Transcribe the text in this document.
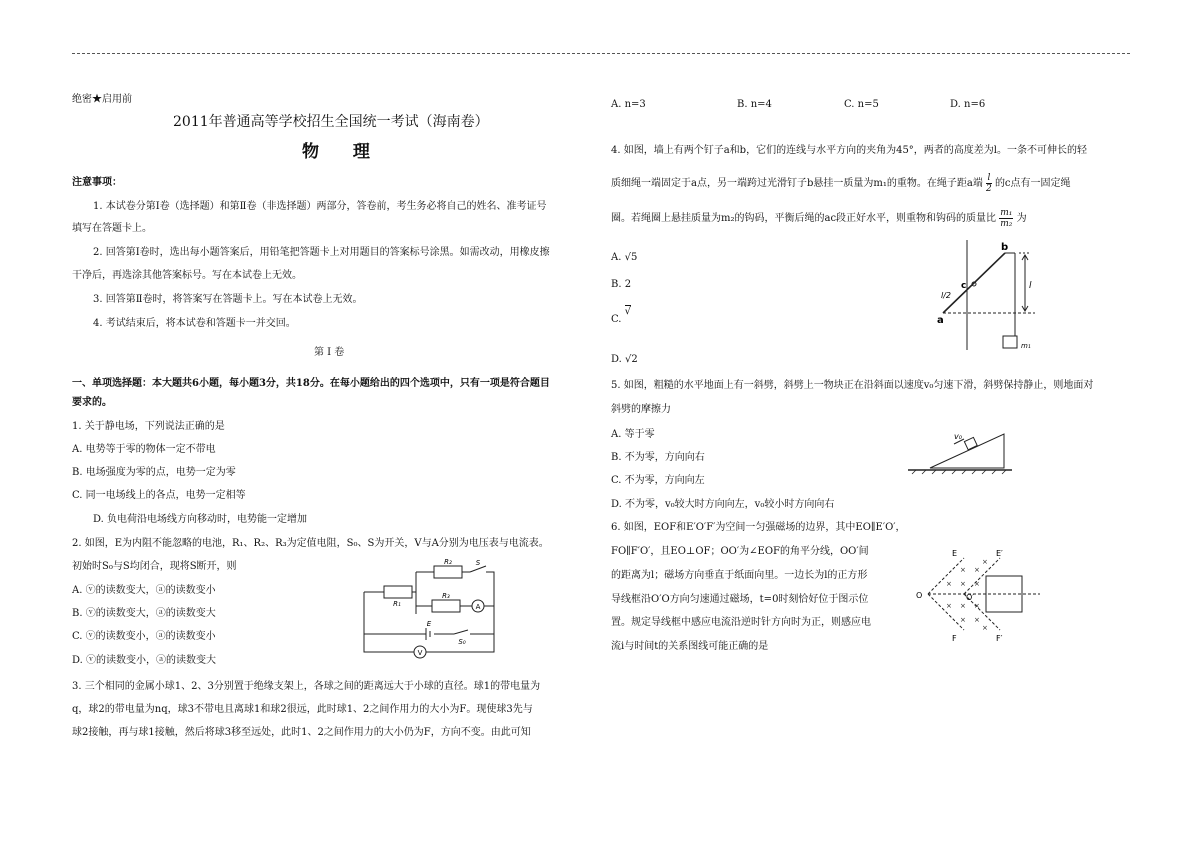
绝密★启用前
2011年普通高等学校招生全国统一考试（海南卷）
物 理
注意事项：
1. 本试卷分第Ⅰ卷（选择题）和第Ⅱ卷（非选择题）两部分，答卷前，考生务必将自己的姓名、准考证号
填写在答题卡上。
2. 回答第Ⅰ卷时，选出每小题答案后，用铅笔把答题卡上对用题目的答案标号涂黑。如需改动，用橡皮擦
干净后，再选涂其他答案标号。写在本试卷上无效。
3. 回答第Ⅱ卷时，将答案写在答题卡上。写在本试卷上无效。
4. 考试结束后，将本试卷和答题卡一并交回。
第 Ⅰ 卷
一、单项选择题：本大题共6小题，每小题3分，共18分。在每小题给出的四个选项中，只有一项是符合题目
要求的。
1. 关于静电场，下列说法正确的是
A. 电势等于零的物体一定不带电
B. 电场强度为零的点，电势一定为零
C. 同一电场线上的各点，电势一定相等
D. 负电荷沿电场线方向移动时，电势能一定增加
2. 如图，E为内阻不能忽略的电池，R₁、R₂、R₃为定值电阻，S₀、S为开关，V与A分别为电压表与电流表。
初始时S₀与S均闭合，现将S断开，则
A. ⓥ的读数变大，ⓐ的读数变小
B. ⓥ的读数变大，ⓐ的读数变大
C. ⓥ的读数变小，ⓐ的读数变小
D. ⓥ的读数变小，ⓐ的读数变大
R₁
R₂	S
R₃
A
E
S₀
V
3. 三个相同的金属小球1、2、3分别置于绝缘支架上，各球之间的距离远大于小球的直径。球1的带电量为
q，球2的带电量为nq，球3不带电且离球1和球2很远，此时球1、2之间作用力的大小为F。现使球3先与
球2接触，再与球1接触，然后将球3移至远处，此时1、2之间作用力的大小仍为F，方向不变。由此可知
A. n=3	B. n=4	C. n=5	D. n=6
4. 如图，墙上有两个钉子a和b，它们的连线与水平方向的夹角为45°，两者的高度差为l。一条不可伸长的轻
质细绳一端固定于a点，另一端跨过光滑钉子b悬挂一质量为m₁的重物。在绳子距a端 $\frac{l}{2}$ 的c点有一固定绳
圈。若绳圈上悬挂质量为m₂的钩码，平衡后绳的ac段正好水平，则重物和钩码的质量比 $\frac{\text{m₁}}{\text{m₂}}$ 为
A. √5
B. 2
C. √
D. √2
b
c
a
l/2
l
m₁
5. 如图，粗糙的水平地面上有一斜劈，斜劈上一物块正在沿斜面以速度v₀匀速下滑，斜劈保持静止，则地面对
斜劈的摩擦力
A. 等于零
B. 不为零，方向向右
C. 不为零，方向向左
D. 不为零，v₀较大时方向向左，v₀较小时方向向右
v₀
6. 如图，EOF和E′O′F′为空间一匀强磁场的边界，其中EO∥E′O′，
FO∥F′O′，且EO⊥OF；OO′为∠EOF的角平分线，OO′间
的距离为l；磁场方向垂直于纸面向里。一边长为l的正方形
导线框沿O′O方向匀速通过磁场，t=0时刻恰好位于图示位
置。规定导线框中感应电流沿逆时针方向时为正，则感应电
流i与时间t的关系图线可能正确的是
O
E
F
O′
E′
F′
×
× ×
× ×
×
×
×
×
×
×
×
